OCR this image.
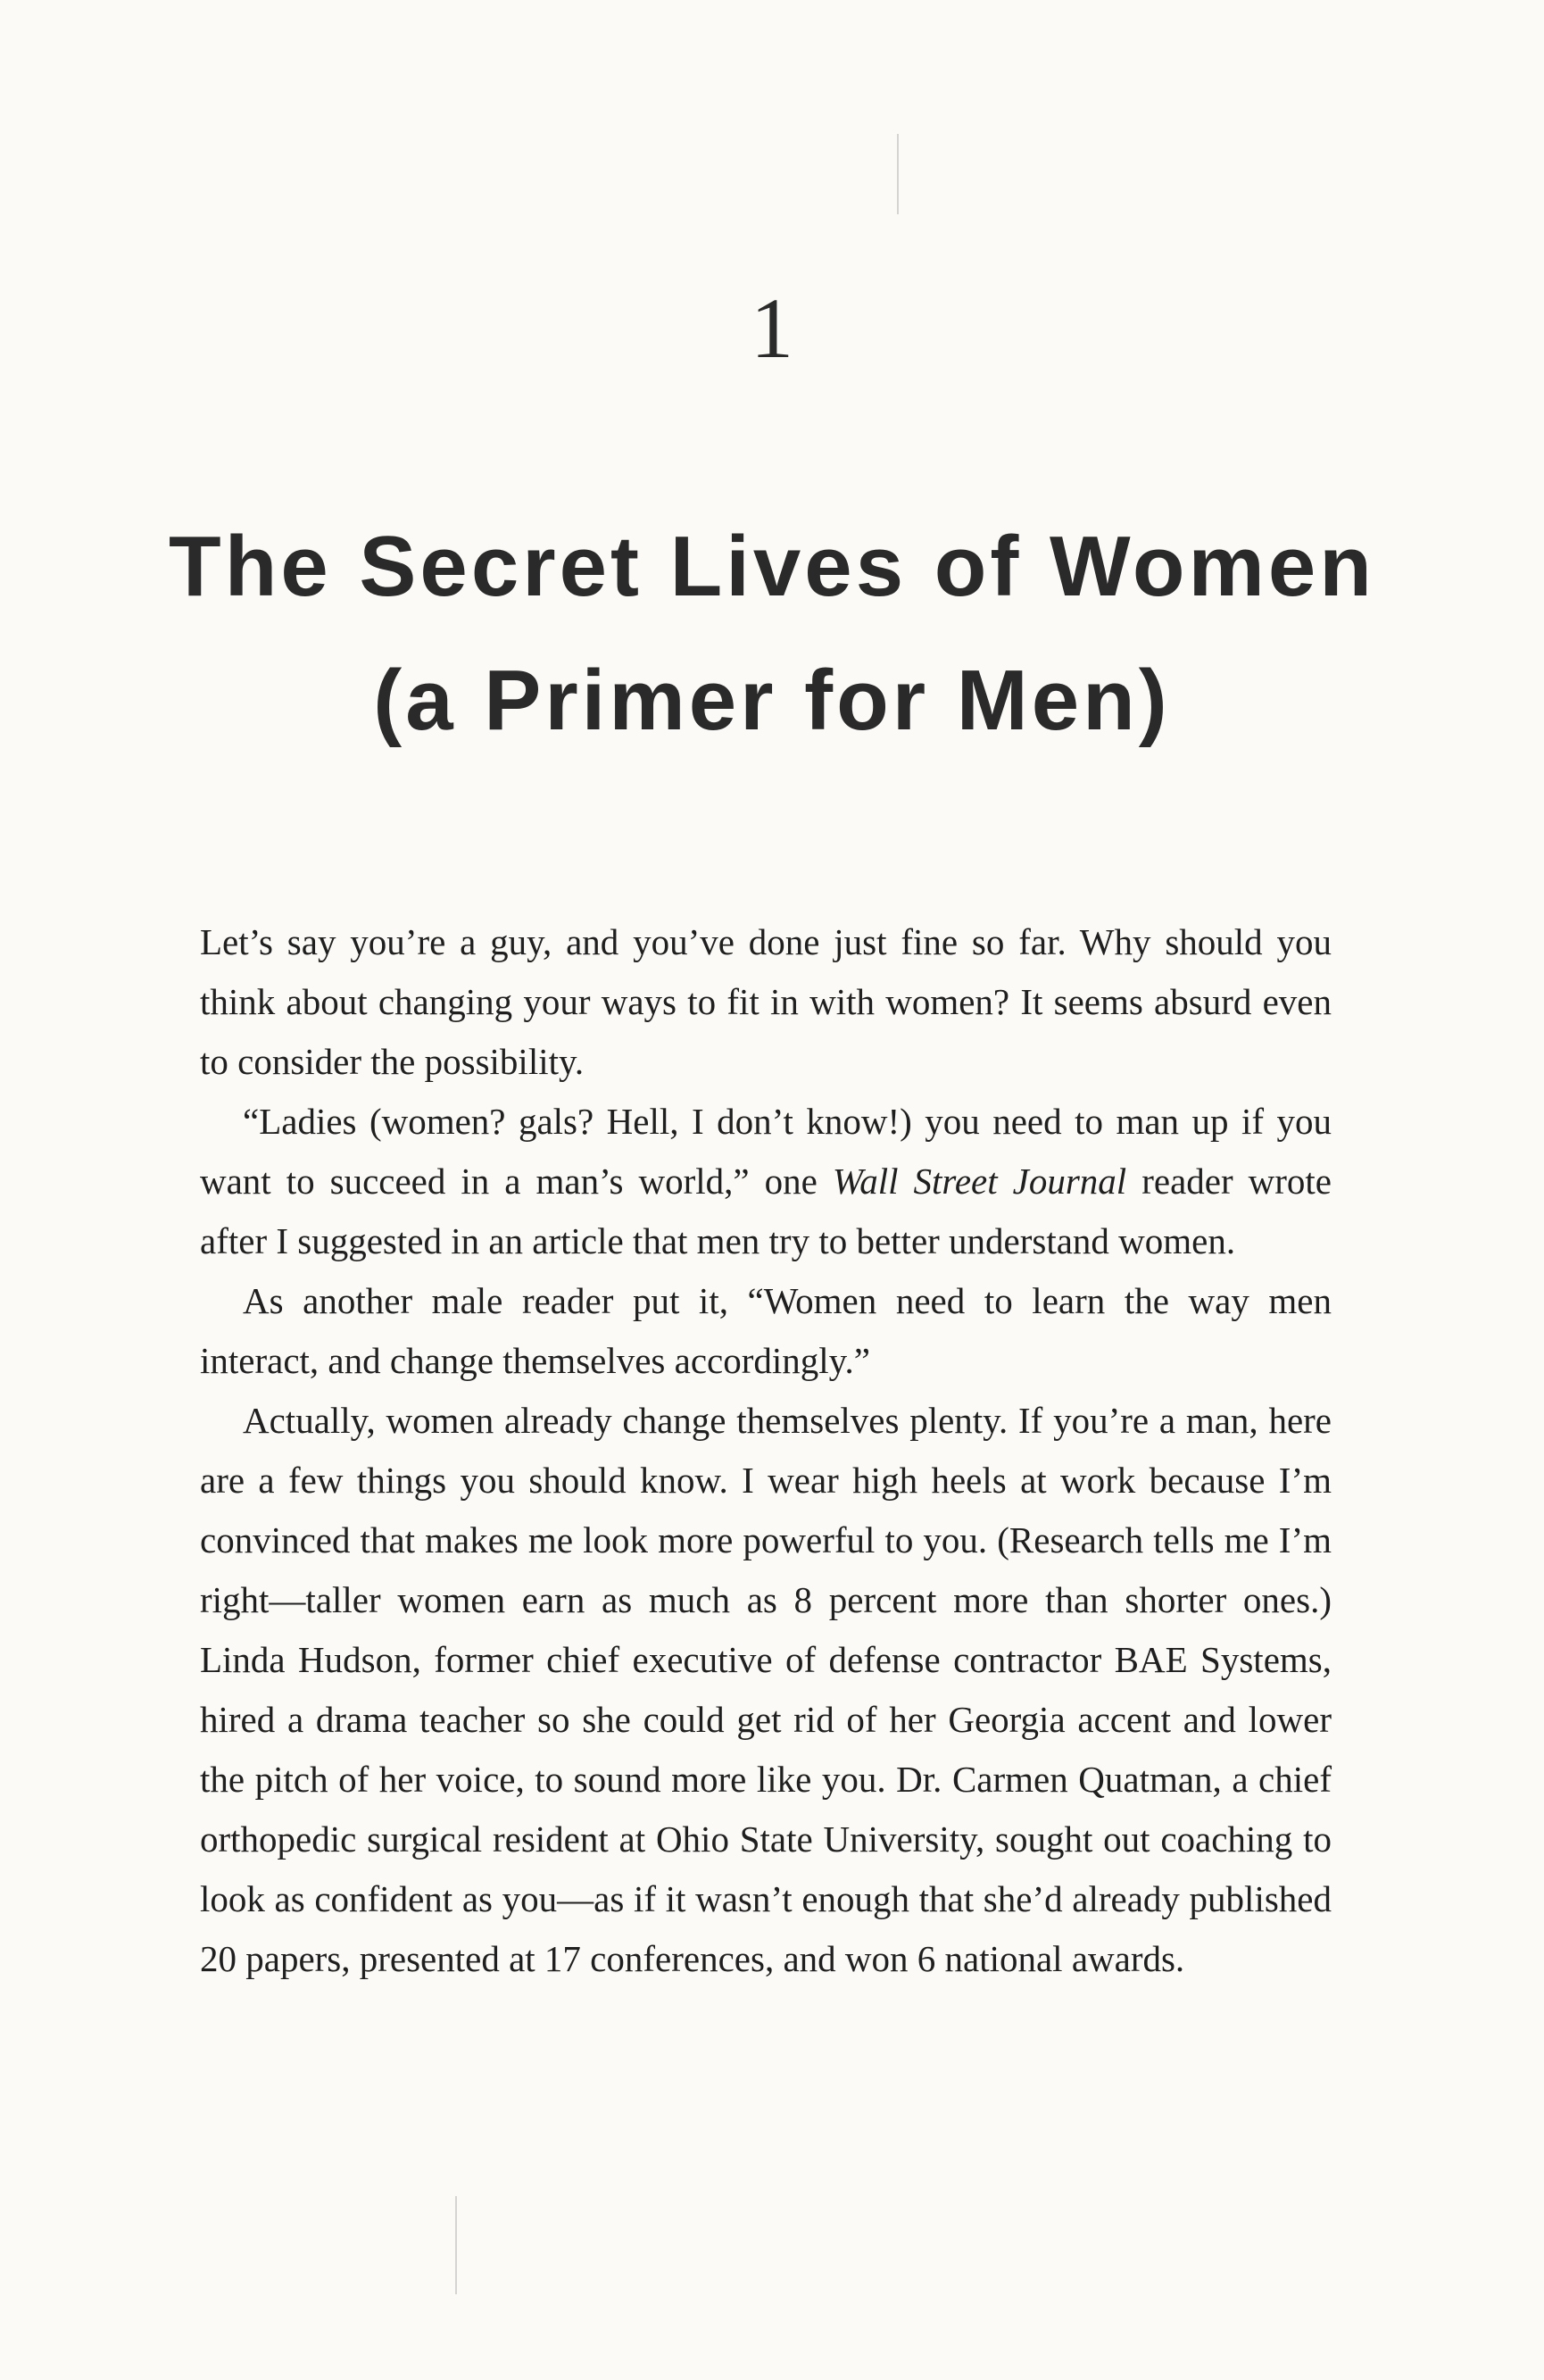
1
The Secret Lives of Women
(a Primer for Men)

Let’s say you’re a guy, and you’ve done just fine so far. Why should you think about changing your ways to fit in with women? It seems absurd even to consider the possibility.

“Ladies (women? gals? Hell, I don’t know!) you need to man up if you want to succeed in a man’s world,” one Wall Street Journal reader wrote after I suggested in an article that men try to better understand women.

As another male reader put it, “Women need to learn the way men interact, and change themselves accordingly.”

Actually, women already change themselves plenty. If you’re a man, here are a few things you should know. I wear high heels at work because I’m convinced that makes me look more powerful to you. (Research tells me I’m right—taller women earn as much as 8 percent more than shorter ones.) Linda Hudson, former chief executive of defense contractor BAE Systems, hired a drama teacher so she could get rid of her Georgia accent and lower the pitch of her voice, to sound more like you. Dr. Carmen Quatman, a chief orthopedic surgical resident at Ohio State University, sought out coaching to look as confident as you—as if it wasn’t enough that she’d already published 20 papers, presented at 17 conferences, and won 6 national awards.
